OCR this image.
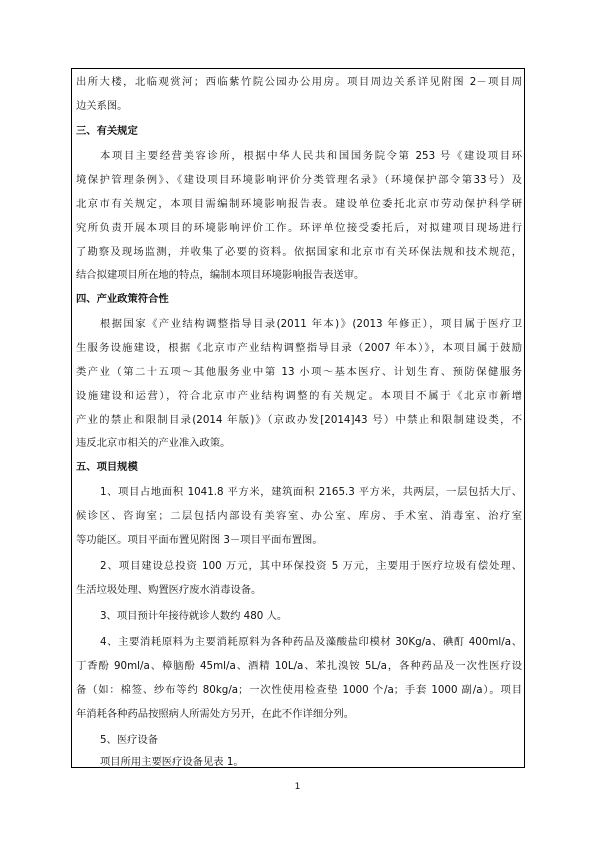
出所大楼，北临观赏河；西临紫竹院公园办公用房。项目周边关系详见附图 2－项目周
边关系图。
三、有关规定
本项目主要经营美容诊所，根据中华人民共和国国务院令第 253 号《建设项目环
境保护管理条例》、《建设项目环境影响评价分类管理名录》（环境保护部令第33号）及
北京市有关规定，本项目需编制环境影响报告表。建设单位委托北京市劳动保护科学研
究所负责开展本项目的环境影响评价工作。环评单位接受委托后，对拟建项目现场进行
了勘察及现场监测，并收集了必要的资料。依据国家和北京市有关环保法规和技术规范，
结合拟建项目所在地的特点，编制本项目环境影响报告表送审。
四、产业政策符合性
根据国家《产业结构调整指导目录(2011 年本)》(2013 年修正），项目属于医疗卫
生服务设施建设，根据《北京市产业结构调整指导目录（2007 年本）》，本项目属于鼓励
类产业（第二十五项～其他服务业中第 13 小项～基本医疗、计划生育、预防保健服务
设施建设和运营），符合北京市产业结构调整的有关规定。本项目不属于《北京市新增
产业的禁止和限制目录(2014 年版)》（京政办发[2014]43 号）中禁止和限制建设类，不
违反北京市相关的产业准入政策。
五、项目规模
1、项目占地面积 1041.8 平方米，建筑面积 2165.3 平方米，共两层，一层包括大厅、
候诊区、咨询室；二层包括内部设有美容室、办公室、库房、手术室、消毒室、治疗室
等功能区。项目平面布置见附图 3－项目平面布置图。
2、项目建设总投资 100 万元，其中环保投资 5 万元，主要用于医疗垃圾有偿处理、
生活垃圾处理、购置医疗废水消毒设备。
3、项目预计年接待就诊人数约 480 人。
4、主要消耗原料为主要消耗原料为各种药品及藻酸盐印模材 30Kg/a、碘酊 400ml/a、
丁香酚 90ml/a、樟脑酚 45ml/a、酒精 10L/a、苯扎溴铵 5L/a，各种药品及一次性医疗设
备（如：棉签、纱布等约 80kg/a；一次性使用检查垫 1000 个/a；手套 1000 副/a）。项目
年消耗各种药品按照病人所需处方另开，在此不作详细分列。
5、医疗设备
项目所用主要医疗设备见表 1。
1
